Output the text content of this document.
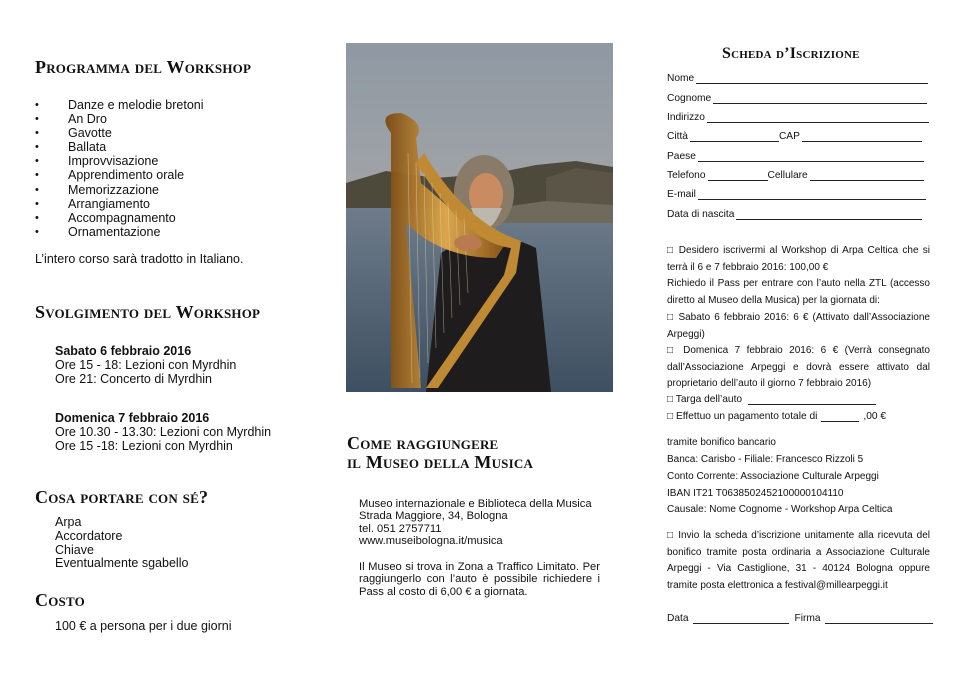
Programma del Workshop
• Danze e melodie bretoni
• An Dro
• Gavotte
• Ballata
• Improvvisazione
• Apprendimento orale
• Memorizzazione
• Arrangiamento
• Accompagnamento
• Ornamentazione
L’intero corso sarà tradotto in Italiano.
Svolgimento del Workshop
Sabato 6 febbraio 2016
Ore 15 - 18: Lezioni con Myrdhin
Ore 21: Concerto di Myrdhin
Domenica 7 febbraio 2016
Ore 10.30 - 13.30: Lezioni con Myrdhin
Ore 15 -18: Lezioni con Myrdhin
Cosa portare con sé?
Arpa
Accordatore
Chiave
Eventualmente sgabello
Costo
100 € a persona per i due giorni
Come raggiungere
il Museo della Musica
Museo internazionale e Biblioteca della Musica
Strada Maggiore, 34, Bologna
tel. 051 2757711
www.museibologna.it/musica
Il Museo si trova in Zona a Traffico Limitato. Per raggiungerlo con l’auto è possibile richiedere i Pass al costo di 6,00 € a giornata.
Scheda d’Iscrizione
Nome
Cognome
Indirizzo
Città	CAP
Paese
Telefono	Cellulare
E-mail
Data di nascita
□ Desidero iscrivermi al Workshop di Arpa Celtica che si terrà il 6 e 7 febbraio 2016: 100,00 €
Richiedo il Pass per entrare con l’auto nella ZTL (accesso diretto al Museo della Musica) per la giornata di:
□ Sabato 6 febbraio 2016: 6 € (Attivato dall’Associazione Arpeggi)
□ Domenica 7 febbraio 2016: 6 € (Verrà consegnato dall’Associazione Arpeggi e dovrà essere attivato dal proprietario dell’auto il giorno 7 febbraio 2016)
□ Targa dell’auto
□ Effettuo un pagamento totale di	,00 €
tramite bonifico bancario
Banca: Carisbo - Filiale: Francesco Rizzoli 5
Conto Corrente: Associazione Culturale Arpeggi
IBAN IT21 T0638502452100000104110
Causale: Nome Cognome - Workshop Arpa Celtica
□ Invio la scheda d’iscrizione unitamente alla ricevuta del bonifico tramite posta ordinaria a Associazione Culturale Arpeggi - Via Castiglione, 31 - 40124 Bologna oppure tramite posta elettronica a festival@millearpeggi.it
Data	Firma
